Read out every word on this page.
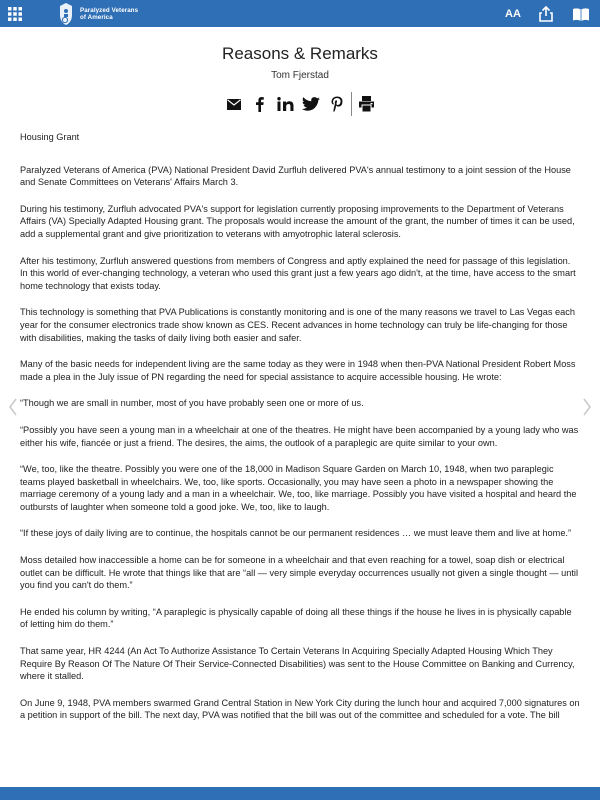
Paralyzed Veterans
of America	AA
Reasons & Remarks
Tom Fjerstad

Housing Grant

Paralyzed Veterans of America (PVA) National President David Zurfluh delivered PVA's annual testimony to a joint session of the House and Senate Committees on Veterans' Affairs March 3.

During his testimony, Zurfluh advocated PVA's support for legislation currently proposing improvements to the Department of Veterans Affairs (VA) Specially Adapted Housing grant. The proposals would increase the amount of the grant, the number of times it can be used, add a supplemental grant and give prioritization to veterans with amyotrophic lateral sclerosis.

After his testimony, Zurfluh answered questions from members of Congress and aptly explained the need for passage of this legislation. In this world of ever-changing technology, a veteran who used this grant just a few years ago didn't, at the time, have access to the smart home technology that exists today.

This technology is something that PVA Publications is constantly monitoring and is one of the many reasons we travel to Las Vegas each year for the consumer electronics trade show known as CES. Recent advances in home technology can truly be life-changing for those with disabilities, making the tasks of daily living both easier and safer.

Many of the basic needs for independent living are the same today as they were in 1948 when then-PVA National President Robert Moss made a plea in the July issue of PN regarding the need for special assistance to acquire accessible housing. He wrote:

“Though we are small in number, most of you have probably seen one or more of us.

“Possibly you have seen a young man in a wheelchair at one of the theatres. He might have been accompanied by a young lady who was either his wife, fiancée or just a friend. The desires, the aims, the outlook of a paraplegic are quite similar to your own.

“We, too, like the theatre. Possibly you were one of the 18,000 in Madison Square Garden on March 10, 1948, when two paraplegic teams played basketball in wheelchairs. We, too, like sports. Occasionally, you may have seen a photo in a newspaper showing the marriage ceremony of a young lady and a man in a wheelchair. We, too, like marriage. Possibly you have visited a hospital and heard the outbursts of laughter when someone told a good joke. We, too, like to laugh.

“If these joys of daily living are to continue, the hospitals cannot be our permanent residences … we must leave them and live at home.”

Moss detailed how inaccessible a home can be for someone in a wheelchair and that even reaching for a towel, soap dish or electrical outlet can be difficult. He wrote that things like that are “all — very simple everyday occurrences usually not given a single thought — until you find you can't do them.”

He ended his column by writing, “A paraplegic is physically capable of doing all these things if the house he lives in is physically capable of letting him do them.”

That same year, HR 4244 (An Act To Authorize Assistance To Certain Veterans In Acquiring Specially Adapted Housing Which They Require By Reason Of The Nature Of Their Service-Connected Disabilities) was sent to the House Committee on Banking and Currency, where it stalled.

On June 9, 1948, PVA members swarmed Grand Central Station in New York City during the lunch hour and acquired 7,000 signatures on a petition in support of the bill. The next day, PVA was notified that the bill was out of the committee and scheduled for a vote. The bill
